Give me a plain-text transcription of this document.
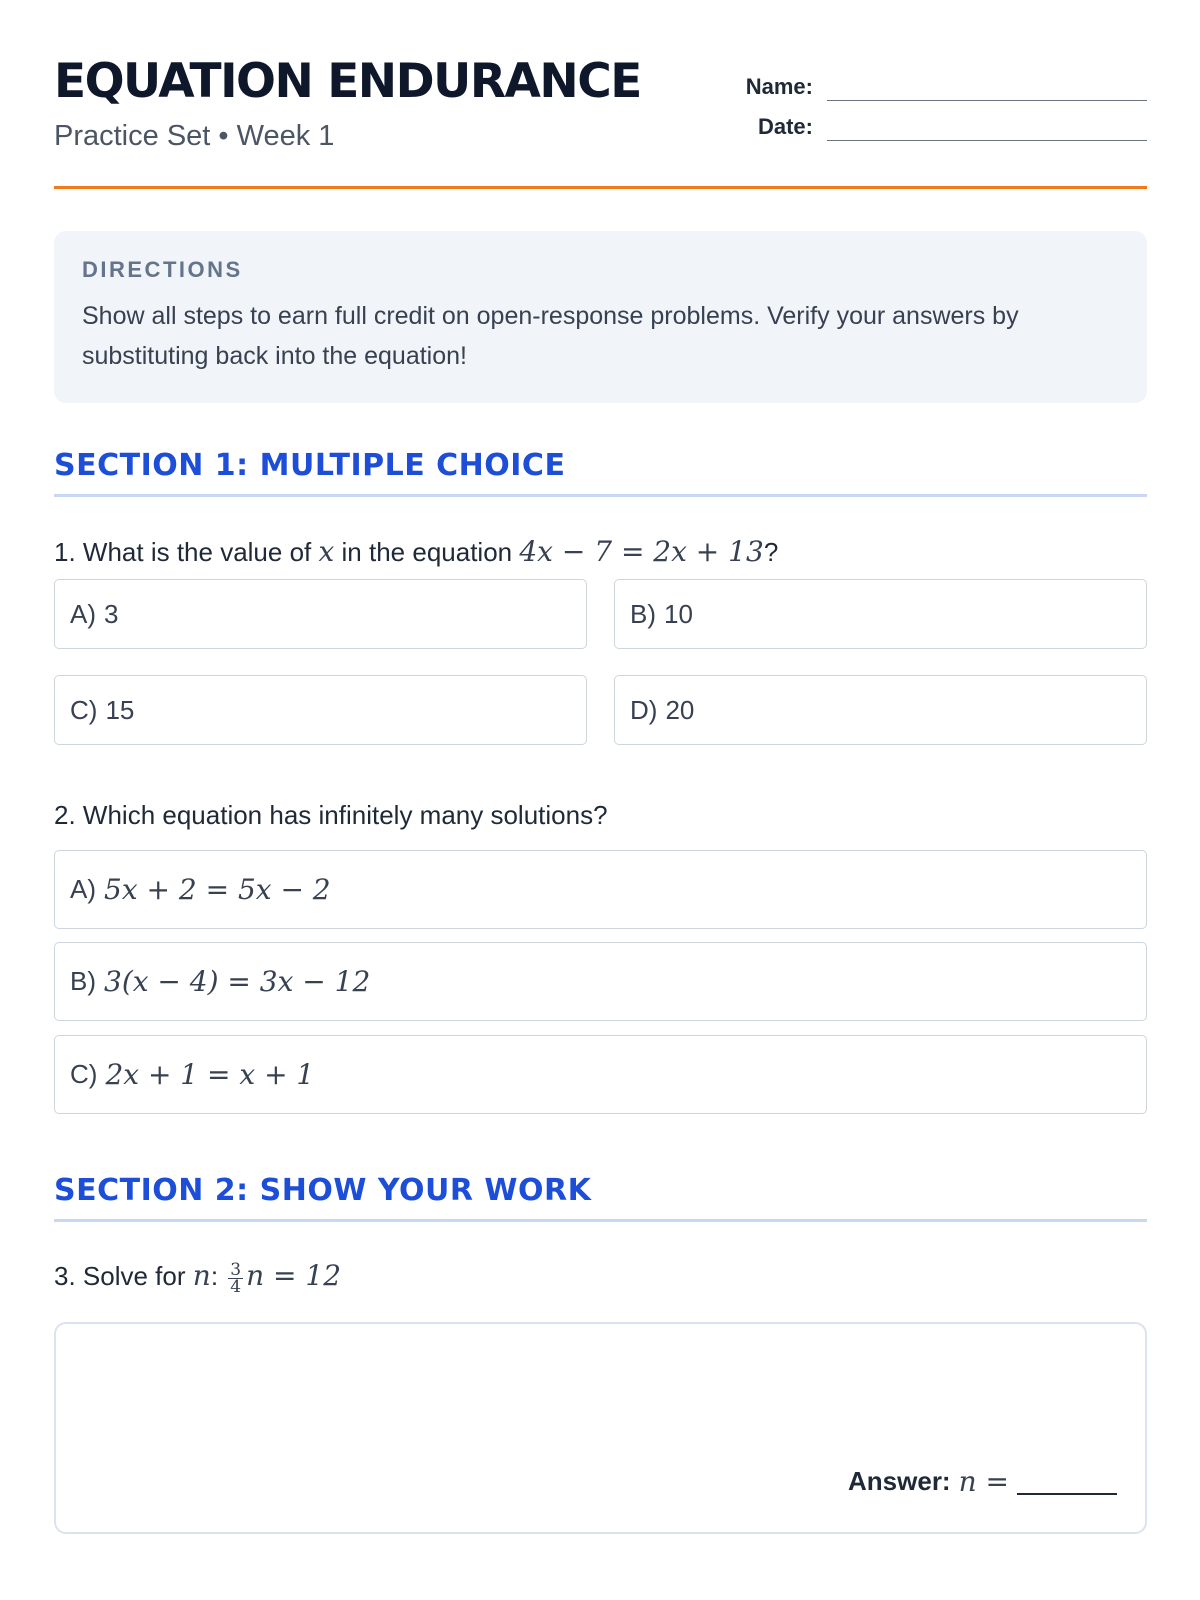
EQUATION ENDURANCE
Practice Set • Week 1
Name:
Date:
DIRECTIONS
Show all steps to earn full credit on open-response problems. Verify your answers by substituting back into the equation!
SECTION 1: MULTIPLE CHOICE
1. What is the value of x in the equation 4x − 7 = 2x + 13?
A) 3	B) 10
C) 15	D) 20
2. Which equation has infinitely many solutions?
A) 5x + 2 = 5x − 2
B) 3(x − 4) = 3x − 12
C) 2x + 1 = x + 1
SECTION 2: SHOW YOUR WORK
3. Solve for n: $\frac{3}{4}$ n = 12
Answer: n =
